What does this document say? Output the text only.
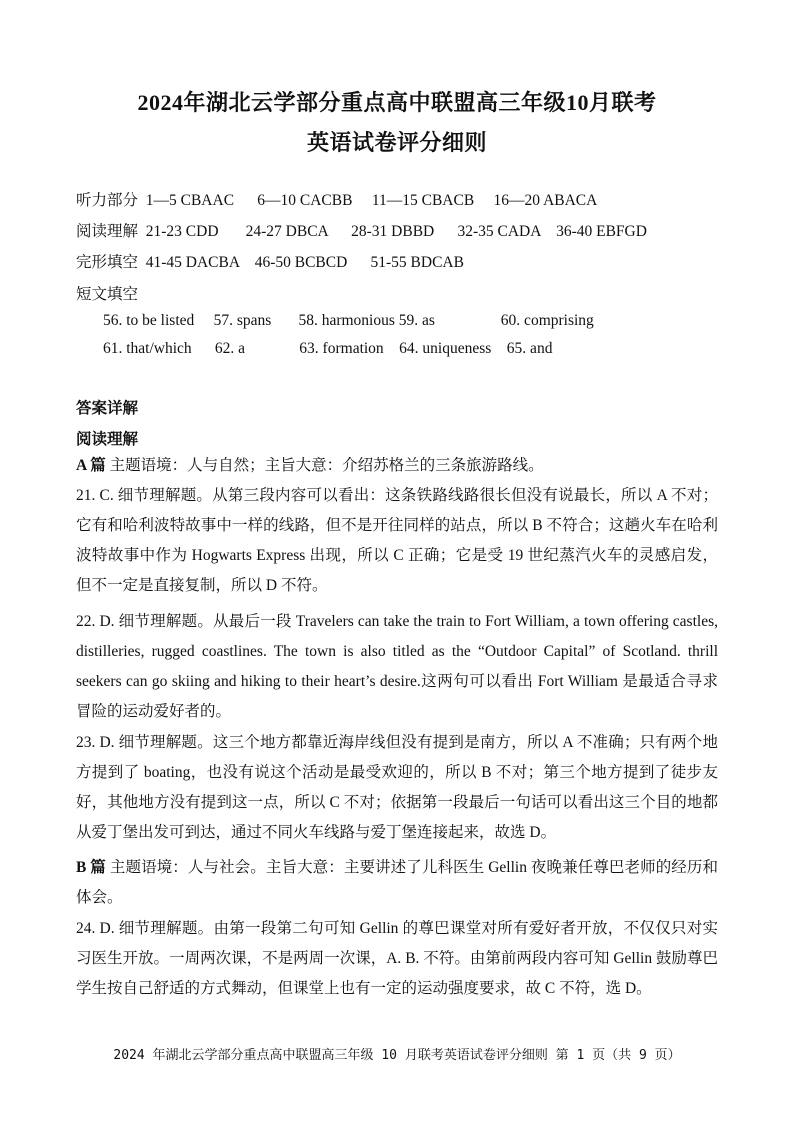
2024年湖北云学部分重点高中联盟高三年级10月联考
英语试卷评分细则
听力部分  1—5 CBAAC      6—10 CACBB     11—15 CBACB     16—20 ABACA
阅读理解  21-23 CDD       24-27 DBCA      28-31 DBBD      32-35 CADA    36-40 EBFGD
完形填空  41-45 DACBA    46-50 BCBCD      51-55 BDCAB
短文填空
56. to be listed     57. spans       58. harmonious 59. as                 60. comprising
61. that/which      62. a              63. formation    64. uniqueness    65. and
答案详解
阅读理解
A 篇 主题语境：人与自然；主旨大意：介绍苏格兰的三条旅游路线。
21. C. 细节理解题。从第三段内容可以看出：这条铁路线路很长但没有说最长，所以 A 不对；它有和哈利波特故事中一样的线路，但不是开往同样的站点，所以 B 不符合；这趟火车在哈利波特故事中作为 Hogwarts Express 出现，所以 C 正确；它是受 19 世纪蒸汽火车的灵感启发，但不一定是直接复制，所以 D 不符。
22. D. 细节理解题。从最后一段 Travelers can take the train to Fort William, a town offering castles, distilleries, rugged coastlines. The town is also titled as the “Outdoor Capital” of Scotland. thrill seekers can go skiing and hiking to their heart’s desire.这两句可以看出 Fort William 是最适合寻求冒险的运动爱好者的。
23. D. 细节理解题。这三个地方都靠近海岸线但没有提到是南方，所以 A 不准确；只有两个地方提到了 boating，也没有说这个活动是最受欢迎的，所以 B 不对；第三个地方提到了徒步友好，其他地方没有提到这一点，所以 C 不对；依据第一段最后一句话可以看出这三个目的地都从爱丁堡出发可到达，通过不同火车线路与爱丁堡连接起来，故选 D。
B 篇 主题语境：人与社会。主旨大意：主要讲述了儿科医生 Gellin 夜晚兼任尊巴老师的经历和体会。
24. D. 细节理解题。由第一段第二句可知 Gellin 的尊巴课堂对所有爱好者开放，不仅仅只对实习医生开放。一周两次课，不是两周一次课，A. B. 不符。由第前两段内容可知 Gellin 鼓励尊巴学生按自己舒适的方式舞动，但课堂上也有一定的运动强度要求，故 C 不符，选 D。
2024 年湖北云学部分重点高中联盟高三年级 10 月联考英语试卷评分细则 第 1 页（共 9 页）
